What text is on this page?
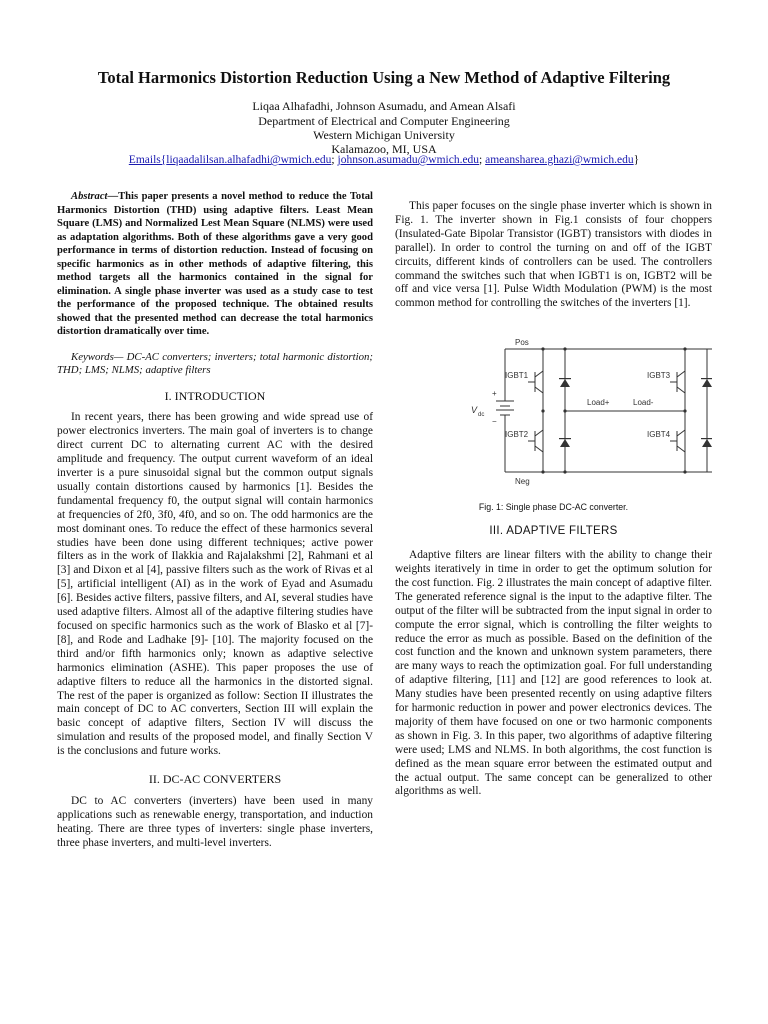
Total Harmonics Distortion Reduction Using a New Method of Adaptive Filtering
Liqaa Alhafadhi, Johnson Asumadu, and Amean Alsafi
Department of Electrical and Computer Engineering
Western Michigan University
Kalamazoo, MI, USA
Emails{liqaadalilsan.alhafadhi@wmich.edu; johnson.asumadu@wmich.edu; ameansharea.ghazi@wmich.edu}

Abstract—This paper presents a novel method to reduce the Total Harmonics Distortion (THD) using adaptive filters. Least Mean Square (LMS) and Normalized Lest Mean Square (NLMS) were used as adaptation algorithms. Both of these algorithms gave a very good performance in terms of distortion reduction. Instead of focusing on specific harmonics as in other methods of adaptive filtering, this method targets all the harmonics contained in the signal for elimination. A single phase inverter was used as a study case to test the performance of the proposed technique. The obtained results showed that the presented method can decrease the total harmonics distortion dramatically over time.

Keywords— DC-AC converters; inverters; total harmonic distortion; THD; LMS; NLMS; adaptive filters

I. INTRODUCTION

In recent years, there has been growing and wide spread use of power electronics inverters. The main goal of inverters is to change direct current DC to alternating current AC with the desired amplitude and frequency. The output current waveform of an ideal inverter is a pure sinusoidal signal but the common output signals usually contain distortions caused by harmonics [1]. Besides the fundamental frequency f0, the output signal will contain harmonics at frequencies of 2f0, 3f0, 4f0, and so on. The odd harmonics are the most dominant ones. To reduce the effect of these harmonics several studies have been done using different techniques; active power filters as in the work of Ilakkia and Rajalakshmi [2], Rahmani et al [3] and Dixon et al [4], passive filters such as the work of Rivas et al [5], artificial intelligent (AI) as in the work of Eyad and Asumadu [6]. Besides active filters, passive filters, and AI, several studies have used adaptive filters. Almost all of the adaptive filtering studies have focused on specific harmonics such as the work of Blasko et al [7]- [8], and Rode and Ladhake [9]- [10]. The majority focused on the third and/or fifth harmonics only; known as adaptive selective harmonics elimination (ASHE). This paper proposes the use of adaptive filters to reduce all the harmonics in the distorted signal. The rest of the paper is organized as follow: Section II illustrates the main concept of DC to AC converters, Section III will explain the basic concept of adaptive filters, Section IV will discuss the simulation and results of the proposed model, and finally Section V is the conclusions and future works.

II. DC-AC CONVERTERS

DC to AC converters (inverters) have been used in many applications such as renewable energy, transportation, and induction heating. There are three types of inverters: single phase inverters, three phase inverters, and multi-level inverters.

This paper focuses on the single phase inverter which is shown in Fig. 1. The inverter shown in Fig.1 consists of four choppers (Insulated-Gate Bipolar Transistor (IGBT) transistors with diodes in parallel). In order to control the turning on and off of the IGBT circuits, different kinds of controllers can be used. The controllers command the switches such that when IGBT1 is on, IGBT2 will be off and vice versa [1]. Pulse Width Modulation (PWM) is the most common method for controlling the switches of the inverters [1].

Pos
Neg
IGBT1
IGBT2
IGBT3
IGBT4
Load+	Load-
+
−
V dc
Fig. 1: Single phase DC-AC converter.
III. ADAPTIVE FILTERS

Adaptive filters are linear filters with the ability to change their weights iteratively in time in order to get the optimum solution for the cost function. Fig. 2 illustrates the main concept of adaptive filter. The generated reference signal is the input to the adaptive filter. The output of the filter will be subtracted from the input signal in order to compute the error signal, which is controlling the filter weights to reduce the error as much as possible. Based on the definition of the cost function and the known and unknown system parameters, there are many ways to reach the optimization goal. For full understanding of adaptive filtering, [11] and [12] are good references to look at. Many studies have been presented recently on using adaptive filters for harmonic reduction in power and power electronics devices. The majority of them have focused on one or two harmonic components as shown in Fig. 3. In this paper, two algorithms of adaptive filtering were used; LMS and NLMS. In both algorithms, the cost function is defined as the mean square error between the estimated output and the actual output. The same concept can be generalized to other algorithms as well.
